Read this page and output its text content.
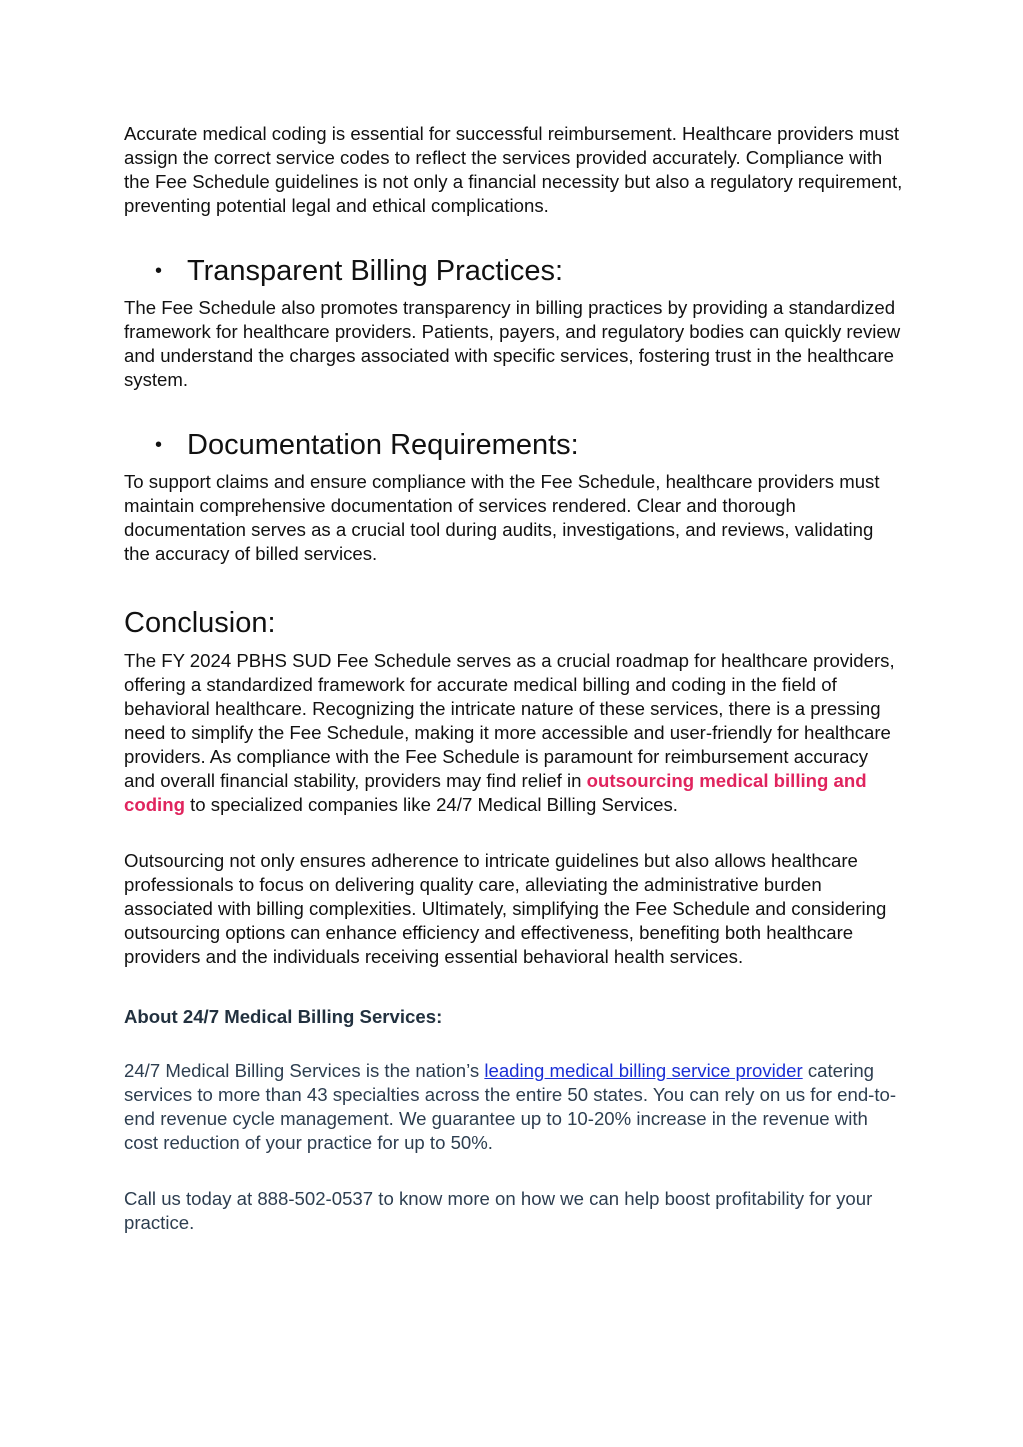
Accurate medical coding is essential for successful reimbursement. Healthcare providers must assign the correct service codes to reflect the services provided accurately. Compliance with the Fee Schedule guidelines is not only a financial necessity but also a regulatory requirement, preventing potential legal and ethical complications.

• Transparent Billing Practices:

The Fee Schedule also promotes transparency in billing practices by providing a standardized framework for healthcare providers. Patients, payers, and regulatory bodies can quickly review and understand the charges associated with specific services, fostering trust in the healthcare system.

• Documentation Requirements:

To support claims and ensure compliance with the Fee Schedule, healthcare providers must maintain comprehensive documentation of services rendered. Clear and thorough documentation serves as a crucial tool during audits, investigations, and reviews, validating the accuracy of billed services.

Conclusion:

The FY 2024 PBHS SUD Fee Schedule serves as a crucial roadmap for healthcare providers, offering a standardized framework for accurate medical billing and coding in the field of behavioral healthcare. Recognizing the intricate nature of these services, there is a pressing need to simplify the Fee Schedule, making it more accessible and user-friendly for healthcare providers. As compliance with the Fee Schedule is paramount for reimbursement accuracy and overall financial stability, providers may find relief in outsourcing medical billing and coding to specialized companies like 24/7 Medical Billing Services.

Outsourcing not only ensures adherence to intricate guidelines but also allows healthcare professionals to focus on delivering quality care, alleviating the administrative burden associated with billing complexities. Ultimately, simplifying the Fee Schedule and considering outsourcing options can enhance efficiency and effectiveness, benefiting both healthcare providers and the individuals receiving essential behavioral health services.

About 24/7 Medical Billing Services:

24/7 Medical Billing Services is the nation’s leading medical billing service provider catering services to more than 43 specialties across the entire 50 states. You can rely on us for end-to-end revenue cycle management. We guarantee up to 10-20% increase in the revenue with cost reduction of your practice for up to 50%.

Call us today at 888-502-0537 to know more on how we can help boost profitability for your practice.
